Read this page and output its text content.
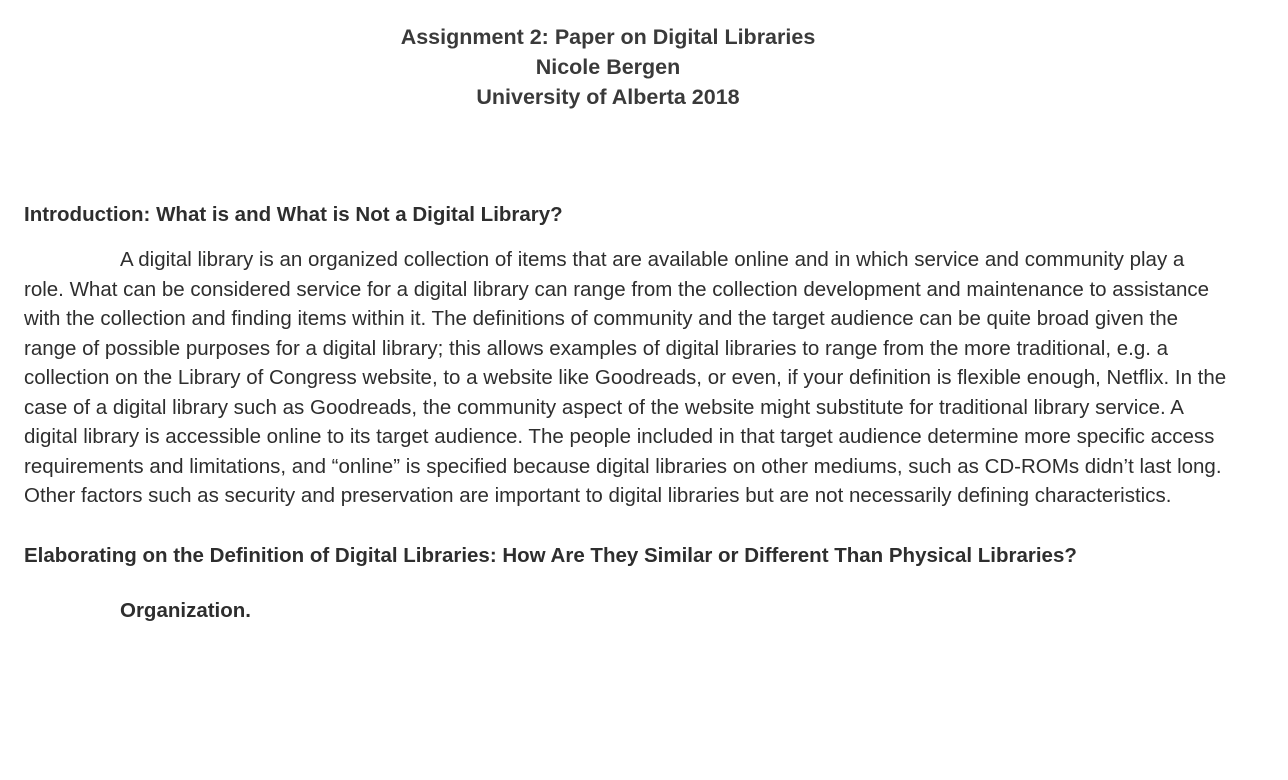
Assignment 2: Paper on Digital Libraries
Nicole Bergen
University of Alberta 2018
Introduction: What is and What is Not a Digital Library?

A digital library is an organized collection of items that are available online and in which service and community play a role. What can be considered service for a digital library can range from the collection development and maintenance to assistance with the collection and finding items within it. The definitions of community and the target audience can be quite broad given the range of possible purposes for a digital library; this allows examples of digital libraries to range from the more traditional, e.g. a collection on the Library of Congress website, to a website like Goodreads, or even, if your definition is flexible enough, Netflix. In the case of a digital library such as Goodreads, the community aspect of the website might substitute for traditional library service. A digital library is accessible online to its target audience. The people included in that target audience determine more specific access requirements and limitations, and “online” is specified because digital libraries on other mediums, such as CD-ROMs didn’t last long. Other factors such as security and preservation are important to digital libraries but are not necessarily defining characteristics.

Elaborating on the Definition of Digital Libraries: How Are They Similar or Different Than Physical Libraries?
Organization.
